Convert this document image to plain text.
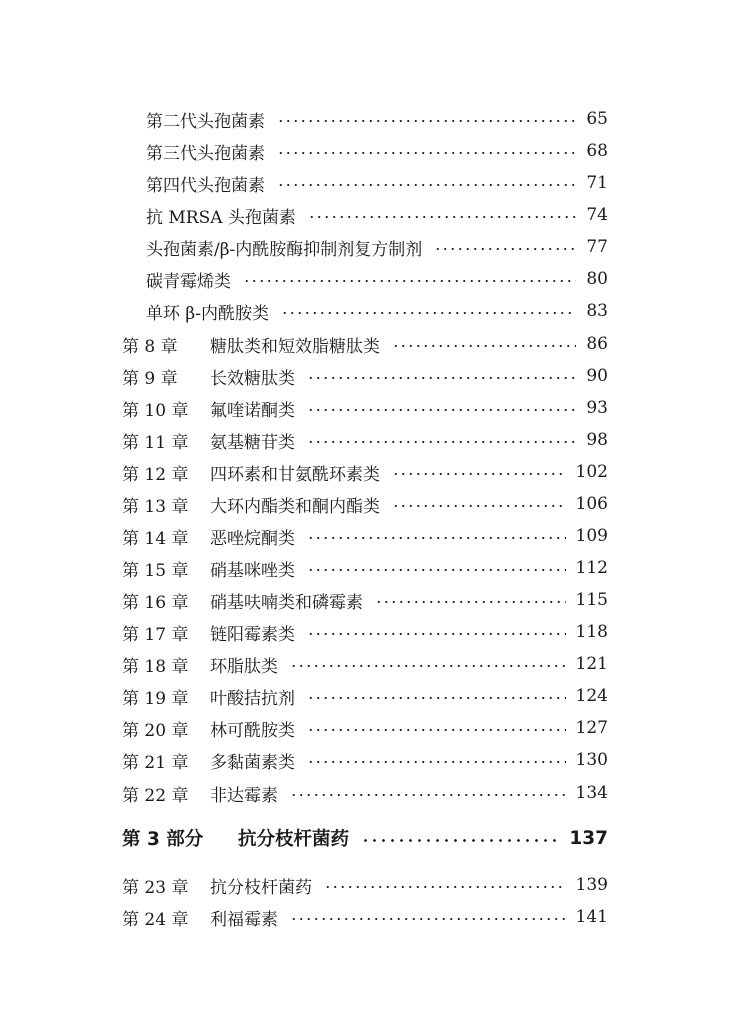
第二代头孢菌素	65
第三代头孢菌素	68
第四代头孢菌素	71
抗 MRSA 头孢菌素	74
头孢菌素/β-内酰胺酶抑制剂复方制剂	77
碳青霉烯类	80
单环 β-内酰胺类	83
第 8 章	糖肽类和短效脂糖肽类	86
第 9 章	长效糖肽类	90
第 10 章	氟喹诺酮类	93
第 11 章	氨基糖苷类	98
第 12 章	四环素和甘氨酰环素类	102
第 13 章	大环内酯类和酮内酯类	106
第 14 章	恶唑烷酮类	109
第 15 章	硝基咪唑类	112
第 16 章	硝基呋喃类和磷霉素	115
第 17 章	链阳霉素类	118
第 18 章	环脂肽类	121
第 19 章	叶酸拮抗剂	124
第 20 章	林可酰胺类	127
第 21 章	多黏菌素类	130
第 22 章	非达霉素	134
第 3 部分	抗分枝杆菌药	137
第 23 章	抗分枝杆菌药	139
第 24 章	利福霉素	141
